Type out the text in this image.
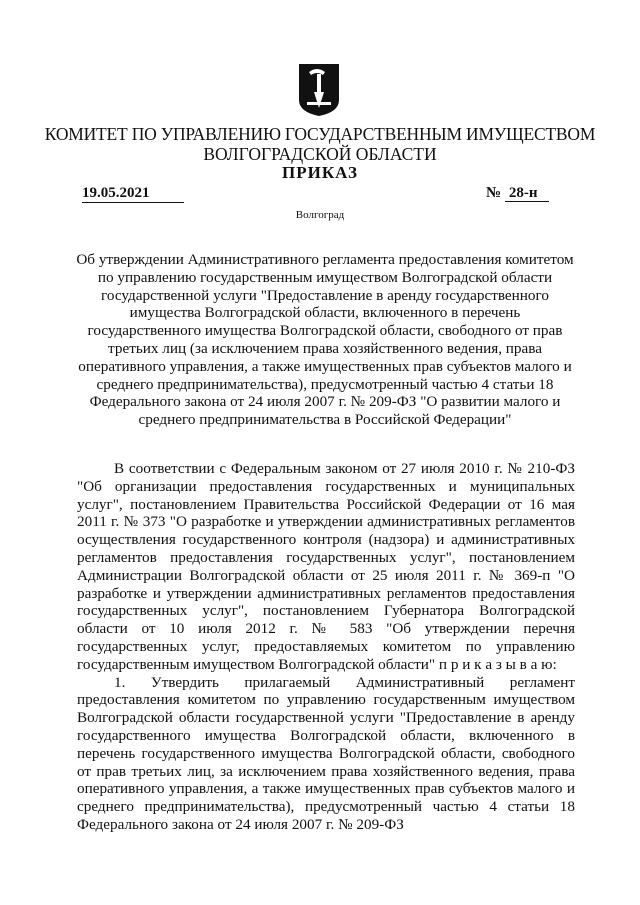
КОМИТЕТ ПО УПРАВЛЕНИЮ ГОСУДАРСТВЕННЫМ ИМУЩЕСТВОМ
ВОЛГОГРАДСКОЙ ОБЛАСТИ
ПРИКАЗ
19.05.2021	№ 28-н
Волгоград
Об утверждении Административного регламента предоставления комитетом по управлению государственным имуществом Волгоградской области государственной услуги "Предоставление в аренду государственного имущества Волгоградской области, включенного в перечень государственного имущества Волгоградской области, свободного от прав третьих лиц (за исключением права хозяйственного ведения, права оперативного управления, а также имущественных прав субъектов малого и среднего предпринимательства), предусмотренный частью 4 статьи 18 Федерального закона от 24 июля 2007 г. № 209-ФЗ "О развитии малого и среднего предпринимательства в Российской Федерации"

В соответствии с Федеральным законом от 27 июля 2010 г. № 210-ФЗ "Об организации предоставления государственных и муниципальных услуг", постановлением Правительства Российской Федерации от 16 мая 2011 г. № 373 "О разработке и утверждении административных регламентов осуществления государственного контроля (надзора) и административных регламентов предоставления государственных услуг", постановлением Администрации Волгоградской области от 25 июля 2011 г. № 369-п "О разработке и утверждении административных регламентов предоставления государственных услуг", постановлением Губернатора Волгоградской области от 10 июля 2012 г. № 583 "Об утверждении перечня государственных услуг, предоставляемых комитетом по управлению государственным имуществом Волгоградской области" п р и к а з ы в а ю:

1. Утвердить прилагаемый Административный регламент предоставления комитетом по управлению государственным имуществом Волгоградской области государственной услуги "Предоставление в аренду государственного имущества Волгоградской области, включенного в перечень государственного имущества Волгоградской области, свободного от прав третьих лиц, за исключением права хозяйственного ведения, права оперативного управления, а также имущественных прав субъектов малого и среднего предпринимательства), предусмотренный частью 4 статьи 18 Федерального закона от 24 июля 2007 г. № 209-ФЗ
